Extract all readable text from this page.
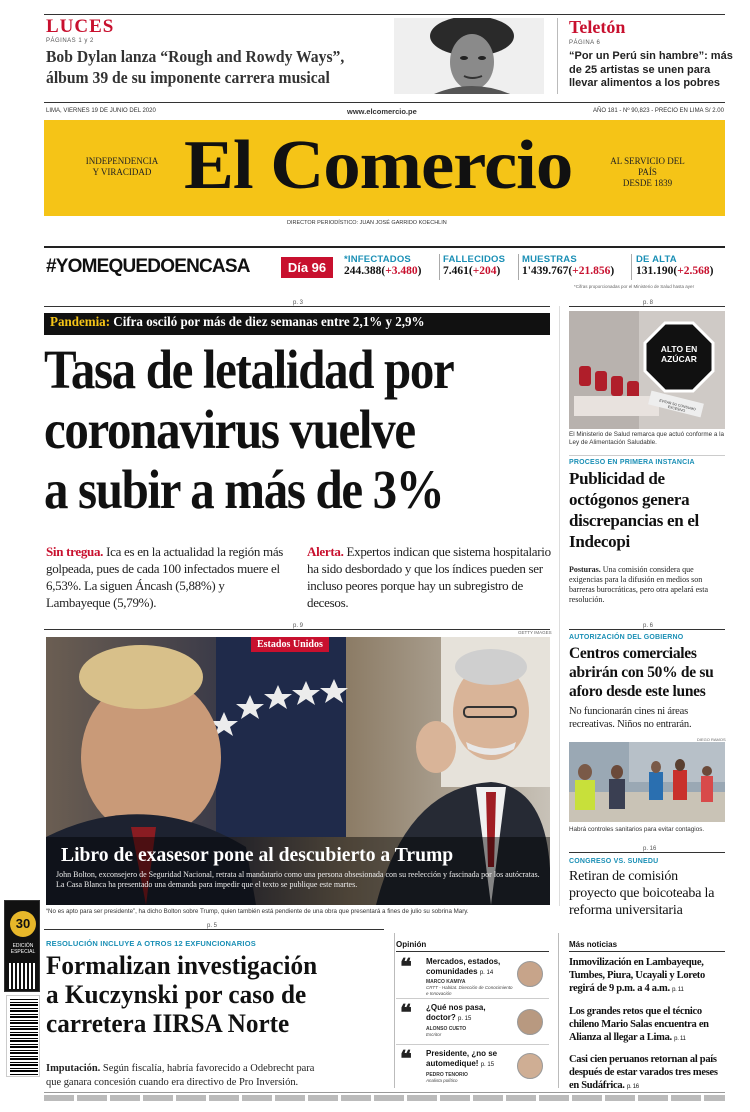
LUCES
PÁGINAS 1 y 2
Bob Dylan lanza “Rough and Rowdy Ways”,
álbum 39 de su imponente carrera musical
Teletón
PÁGINA 6
“Por un Perú sin hambre”: más
de 25 artistas se unen para
llevar alimentos a los pobres
LIMA, VIERNES 19 DE JUNIO DEL 2020	www.elcomercio.pe	AÑO 181 - Nº 90,823 - PRECIO EN LIMA S/ 2.00
INDEPENDENCIA
Y VIRACIDAD El Comercio	AL SERVICIO DEL PAÍS
DESDE 1839
DIRECTOR PERIODÍSTICO: JUAN JOSÉ GARRIDO KOECHLIN
#YOMEQUEDOENCASA	Día 96
*INFECTADOS
244.388(+3.480)
FALLECIDOS
7.461(+204)
MUESTRAS
1'439.767(+21.856)
DE ALTA
131.190(+2.568)
*Cifras proporcionadas por el Ministerio de Salud hasta ayer
p. 3
Pandemia: Cifra osciló por más de diez semanas entre 2,1% y 2,9%
Tasa de letalidad por
coronavirus vuelve
a subir a más de 3%
Sin tregua. Ica es en la actualidad la región más golpeada, pues de cada 100 infectados muere el 6,53%. La siguen Áncash (5,88%) y Lambayeque (5,79%).
Alerta. Expertos indican que sistema hospitalario ha sido desbordado y que los índices pueden ser incluso peores porque hay un subregistro de decesos.
p. 9
GETTY IMAGES
Estados Unidos
Libro de exasesor pone al descubierto a Trump
John Bolton, exconsejero de Seguridad Nacional, retrata al mandatario como una persona obsesionada con su reelección y fascinada por los autócratas. La Casa Blanca ha presentado una demanda para impedir que el texto se publique este martes.
“No es apto para ser presidente”, ha dicho Bolton sobre Trump, quien también está pendiente de una obra que presentará a fines de julio su sobrina Mary.
30
EDICIÓN ESPECIAL
p. 5
RESOLUCIÓN INCLUYE A OTROS 12 EXFUNCIONARIOS
Formalizan investigación
a Kuczynski por caso de
carretera IIRSA Norte
Imputación. Según fiscalía, habría favorecido a Odebrecht para
que ganara concesión cuando era directivo de Pro Inversión.
Opinión
❝ Mercados, estados, comunidades p. 14
MARCO KAMIYA
CRTT - Habitat. Dirección de Conocimiento e Innovación
❝ ¿Qué nos pasa, doctor? p. 15
ALONSO CUETO
Escritor
❝ Presidente, ¿no se automedique! p. 15
PEDRO TENORIO
Analista político
Más noticias
Inmovilización en Lambayeque, Tumbes, Piura, Ucayali y Loreto regirá de 9 p.m. a 4 a.m. p. 11
Los grandes retos que el técnico chileno Mario Salas encuentra en Alianza al llegar a Lima. p. 11
Casi cien peruanos retornan al país después de estar varados tres meses en Sudáfrica. p. 16
p. 8
ALTO EN
AZÚCAR
EVITAR SU CONSUMO EXCESIVO
El Ministerio de Salud remarca que actuó conforme a la Ley de Alimentación Saludable.
PROCESO EN PRIMERA INSTANCIA
Publicidad de octógonos genera discrepancias en el Indecopi
Posturas. Una comisión considera que exigencias para la difusión en medios son barreras burocráticas, pero otra apelará esta resolución.
p. 6
AUTORIZACIÓN DEL GOBIERNO
Centros comerciales abrirán con 50% de su aforo desde este lunes
No funcionarán cines ni áreas recreativas. Niños no entrarán.
DIEGO RAMOS
Habrá controles sanitarios para evitar contagios.
p. 16
CONGRESO VS. SUNEDU
Retiran de comisión proyecto que boicoteaba la reforma universitaria
